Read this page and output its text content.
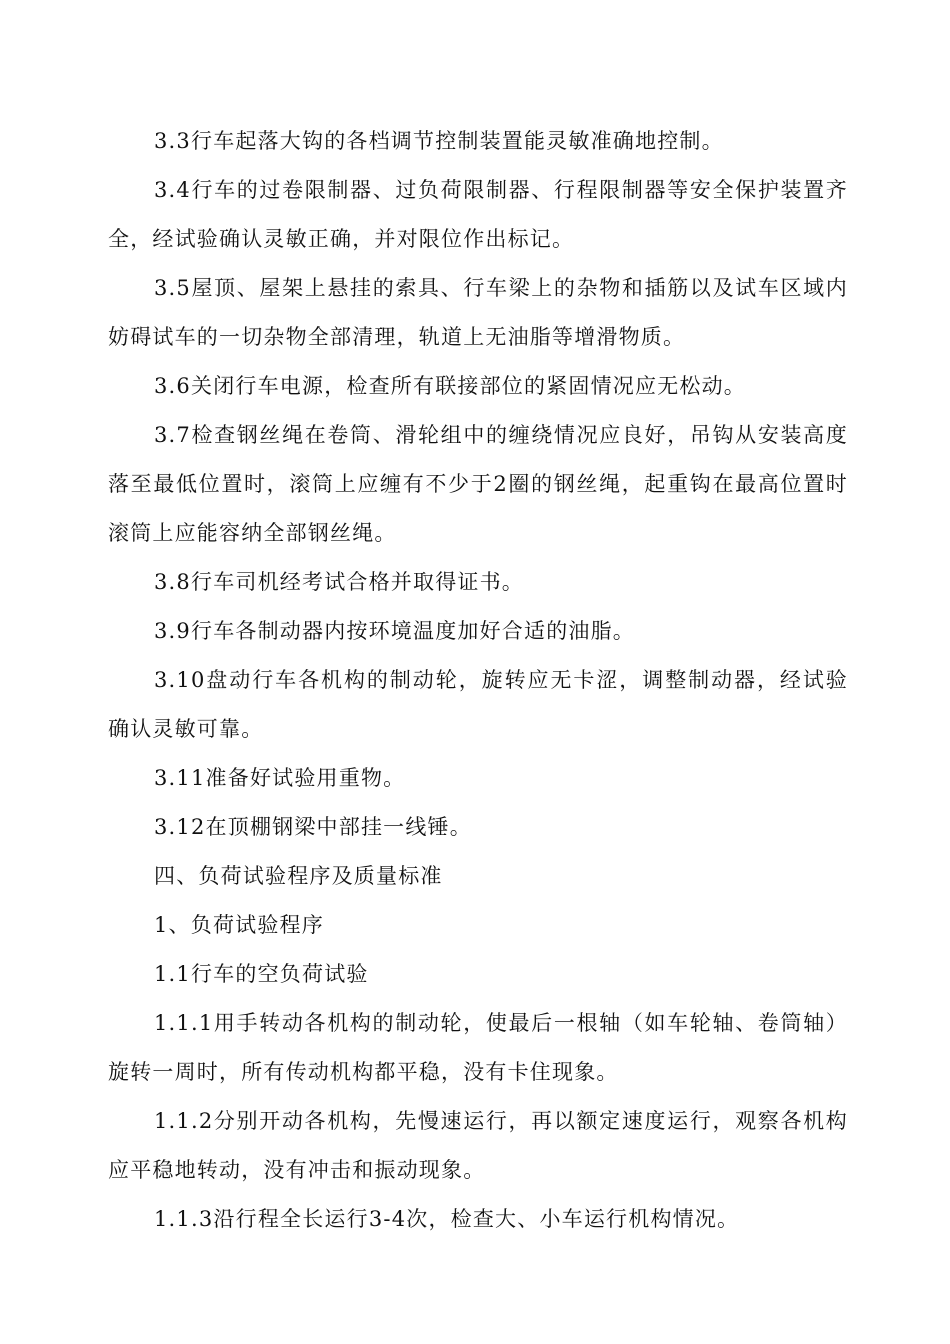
3.3行车起落大钩的各档调节控制装置能灵敏准确地控制。

3.4行车的过卷限制器、过负荷限制器、行程限制器等安全保护装置齐全，经试验确认灵敏正确，并对限位作出标记。

3.5屋顶、屋架上悬挂的索具、行车梁上的杂物和插筋以及试车区域内妨碍试车的一切杂物全部清理，轨道上无油脂等增滑物质。

3.6关闭行车电源，检查所有联接部位的紧固情况应无松动。

3.7检查钢丝绳在卷筒、滑轮组中的缠绕情况应良好，吊钩从安装高度落至最低位置时，滚筒上应缠有不少于2圈的钢丝绳，起重钩在最高位置时滚筒上应能容纳全部钢丝绳。

3.8行车司机经考试合格并取得证书。

3.9行车各制动器内按环境温度加好合适的油脂。

3.10盘动行车各机构的制动轮，旋转应无卡涩，调整制动器，经试验确认灵敏可靠。

3.11准备好试验用重物。

3.12在顶棚钢梁中部挂一线锤。

四、负荷试验程序及质量标准

1、负荷试验程序

1.1行车的空负荷试验

1.1.1用手转动各机构的制动轮，使最后一根轴（如车轮轴、卷筒轴）旋转一周时，所有传动机构都平稳，没有卡住现象。

1.1.2分别开动各机构，先慢速运行，再以额定速度运行，观察各机构应平稳地转动，没有冲击和振动现象。

1.1.3沿行程全长运行3-4次，检查大、小车运行机构情况。
